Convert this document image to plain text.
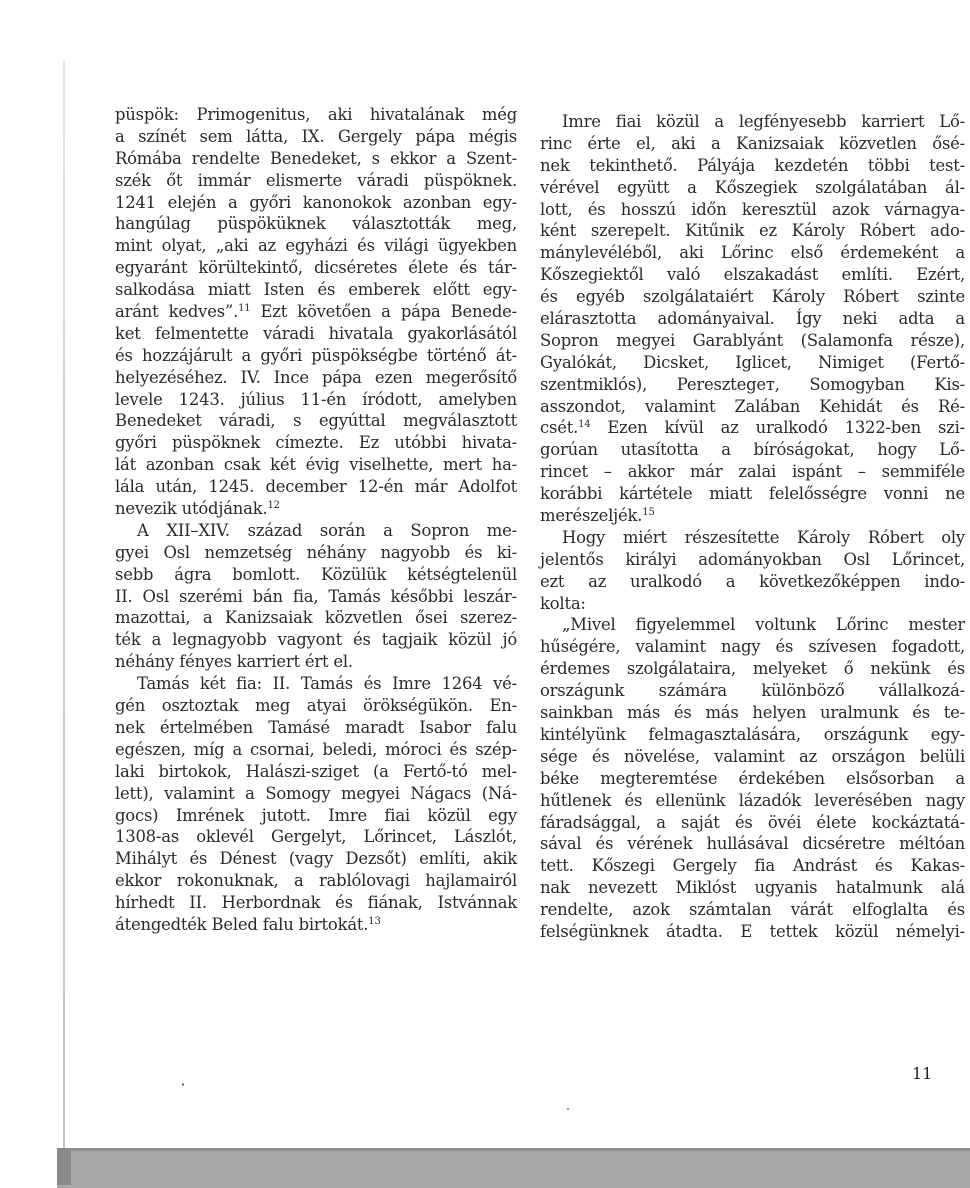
püspök: Primogenitus, aki hivatalának még
a színét sem látta, IX. Gergely pápa mégis
Rómába rendelte Benedeket, s ekkor a Szent-
szék őt immár elismerte váradi püspöknek.
1241 elején a győri kanonokok azonban egy-
hangúlag püspöküknek választották meg,
mint olyat, „aki az egyházi és világi ügyekben
egyaránt körültekintő, dicséretes élete és tár-
salkodása miatt Isten és emberek előtt egy-
aránt kedves”.$^{11}$ Ezt követően a pápa Benede-
ket felmentette váradi hivatala gyakorlásától
és hozzájárult a győri püspökségbe történő át-
helyezéséhez. IV. Ince pápa ezen megerősítő
levele 1243. július 11-én íródott, amelyben
Benedeket váradi, s egyúttal megválasztott
győri püspöknek címezte. Ez utóbbi hivata-
lát azonban csak két évig viselhette, mert ha-
lála után, 1245. december 12-én már Adolfot
nevezik utódjának.$^{12}$
A XII–XIV. század során a Sopron me-
gyei Osl nemzetség néhány nagyobb és ki-
sebb ágra bomlott. Közülük kétségtelenül
II. Osl szerémi bán fia, Tamás későbbi leszár-
mazottai, a Kanizsaiak közvetlen ősei szerez-
ték a legnagyobb vagyont és tagjaik közül jó
néhány fényes karriert ért el.
Tamás két fia: II. Tamás és Imre 1264 vé-
gén osztoztak meg atyai örökségükön. En-
nek értelmében Tamásé maradt Isabor falu
egészen, míg a csornai, beledi, móroci és szép-
laki birtokok, Halászi-sziget (a Fertő-tó mel-
lett), valamint a Somogy megyei Nágacs (Ná-
gocs) Imrének jutott. Imre fiai közül egy
1308-as oklevél Gergelyt, Lőrincet, Lászlót,
Mihályt és Dénest (vagy Dezsőt) említi, akik
ekkor rokonuknak, a rablólovagi hajlamairól
hírhedt II. Herbordnak és fiának, Istvánnak
átengedték Beled falu birtokát.$^{13}$
Imre fiai közül a legfényesebb karriert Lő-
rinc érte el, aki a Kanizsaiak közvetlen ősé-
nek tekinthető. Pályája kezdetén többi test-
vérével együtt a Kőszegiek szolgálatában ál-
lott, és hosszú időn keresztül azok várnagya-
ként szerepelt. Kitűnik ez Károly Róbert ado-
mánylevéléből, aki Lőrinc első érdemeként a
Kőszegiektől való elszakadást említi. Ezért,
és egyéb szolgálataiért Károly Róbert szinte
elárasztotta adományaival. Így neki adta a
Sopron megyei Garablyánt (Salamonfa része),
Gyalókát, Dicsket, Iglicet, Nimiget (Fertő-
szentmiklós), Peresztegет, Somogyban Kis-
asszondot, valamint Zalában Kehidát és Ré-
csét.$^{14}$ Ezen kívül az uralkodó 1322-ben szi-
gorúan utasította a bíróságokat, hogy Lő-
rincet – akkor már zalai ispánt – semmiféle
korábbi kártétele miatt felelősségre vonni ne
merészeljék.$^{15}$
Hogy miért részesítette Károly Róbert oly
jelentős királyi adományokban Osl Lőrincet,
ezt az uralkodó a következőképpen indo-
kolta:
„Mivel figyelemmel voltunk Lőrinc mester
hűségére, valamint nagy és szívesen fogadott,
érdemes szolgálataira, melyeket ő nekünk és
országunk számára különböző vállalkozá-
sainkban más és más helyen uralmunk és te-
kintélyünk felmagasztalására, országunk egy-
sége és növelése, valamint az országon belüli
béke megteremtése érdekében elsősorban a
hűtlenek és ellenünk lázadók leverésében nagy
fáradsággal, a saját és övéi élete kockáztatá-
sával és vérének hullásával dicséretre méltóan
tett. Kőszegi Gergely fia Andrást és Kakas-
nak nevezett Miklóst ugyanis hatalmunk alá
rendelte, azok számtalan várát elfoglalta és
felségünknek átadta. E tettek közül némelyi-
11
